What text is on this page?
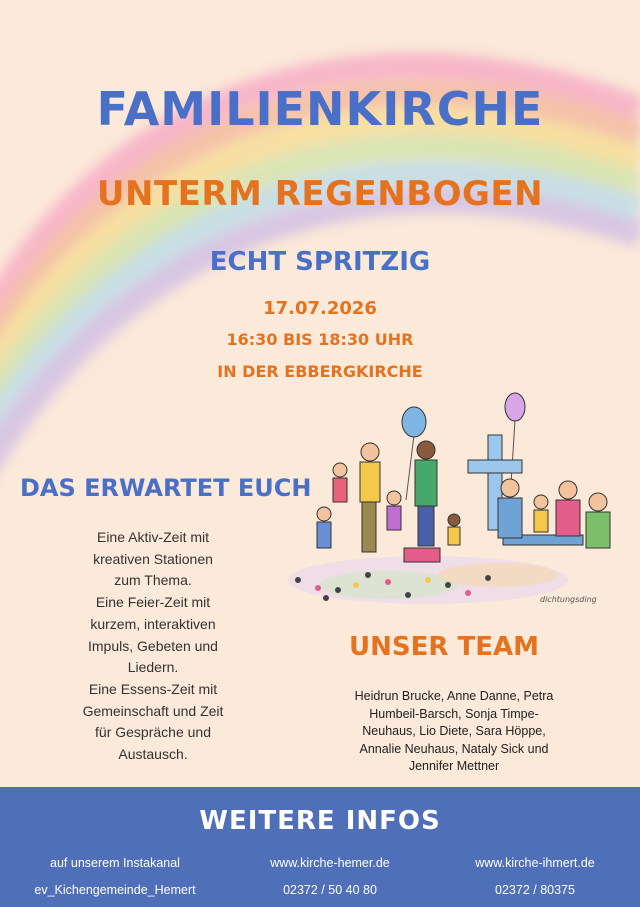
FAMILIENKIRCHE
UNTERM REGENBOGEN
ECHT SPRITZIG
17.07.2026
16:30 BIS 18:30 UHR
IN DER EBBERGKIRCHE
DAS ERWARTET EUCH
Eine Aktiv-Zeit mit
kreativen Stationen
zum Thema.
Eine Feier-Zeit mit
kurzem, interaktiven
Impuls, Gebeten und
Liedern.
Eine Essens-Zeit mit
Gemeinschaft und Zeit
für Gespräche und
Austausch.
dichtungsding
UNSER TEAM
Heidrun Brucke, Anne Danne, Petra
Humbeil-Barsch, Sonja Timpe-
Neuhaus, Lio Diete, Sara Höppe,
Annalie Neuhaus, Nataly Sick und
Jennifer Mettner
WEITERE INFOS
auf unserem Instakanal
ev_Kichengemeinde_Hemert
www.kirche-hemer.de
02372 / 50 40 80
www.kirche-ihmert.de
02372 / 80375
